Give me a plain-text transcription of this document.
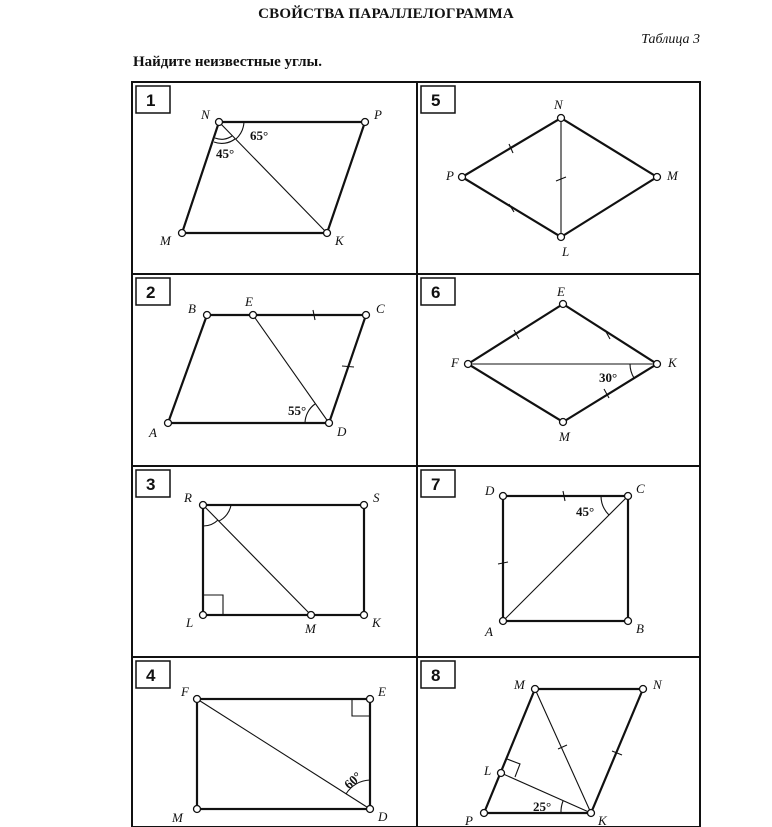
СВОЙСТВА ПАРАЛЛЕЛОГРАММА
Таблица 3
Найдите неизвестные углы.
1
N	P
M	K
65°
45°
2
B	E	C
A	D
55°
3
R	S
L	M	K
4
F	E
M	D
60°
5	N
P	M
L
6	E
F	K
M
30°
7	D	C
A	B
45°
8	M	N
L
P	K
25°
